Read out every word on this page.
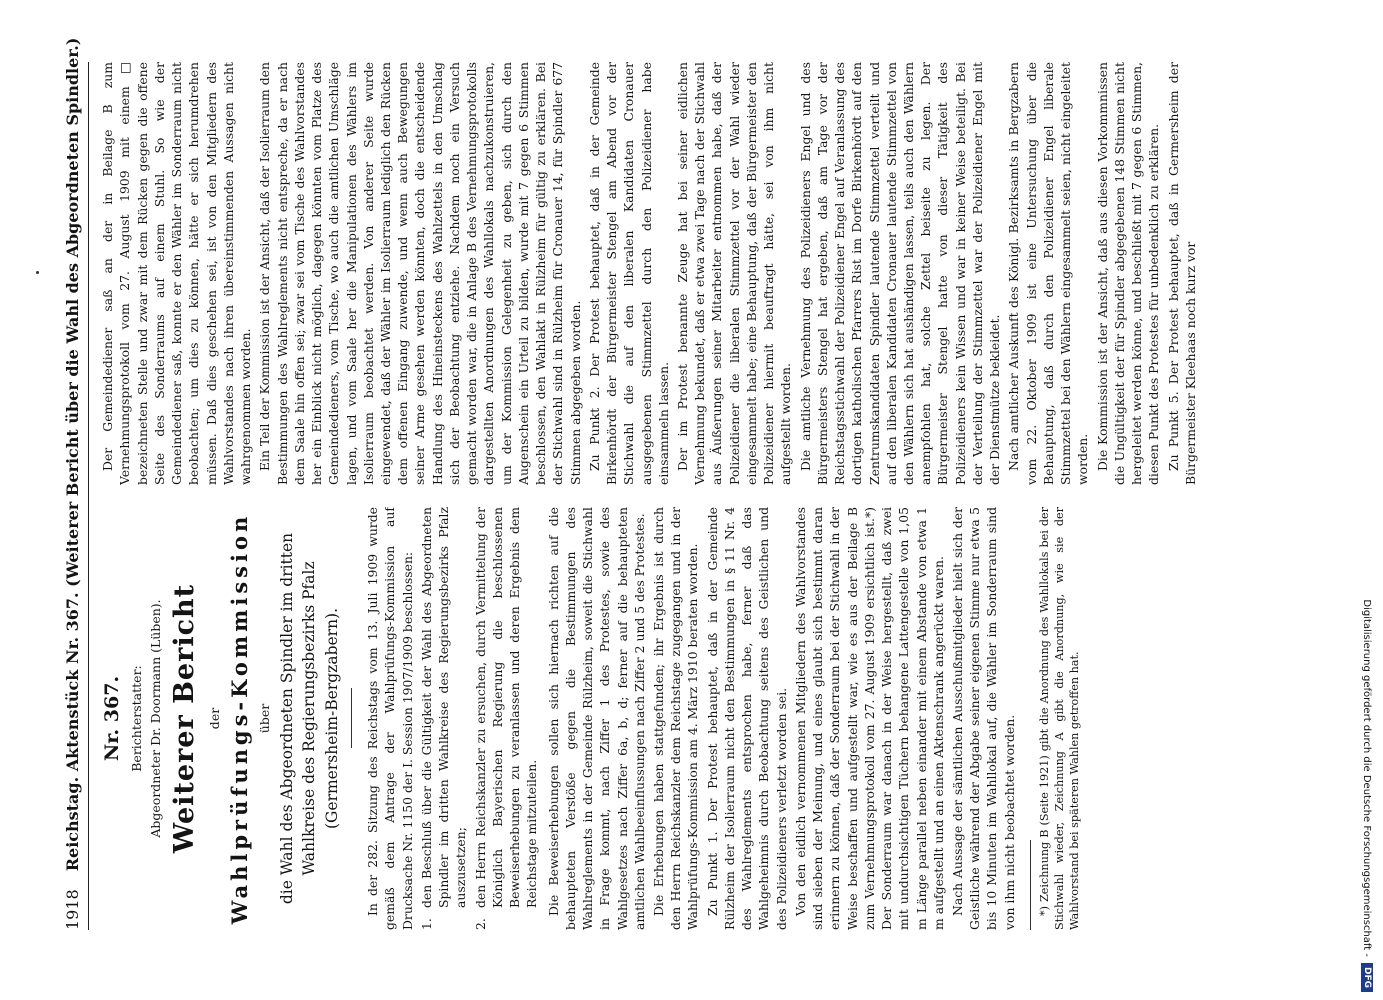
1918
Reichstag. Aktenstück Nr. 367. (Weiterer Bericht über die Wahl des Abgeordneten Spindler.) Nr. 367. Berichterstatter: Abgeordneter Dr. Doormann (Lüben). Weiterer Bericht der Wahlprüfungs-Kommission über die Wahl des Abgeordneten Spindler im dritten Wahlkreise des Regierungsbezirks Pfalz (Germersheim-Bergzabern). In der 282. Sitzung des Reichstags vom 13. Juli 1909 wurde gemäß dem Antrage der Wahlprüfungs-Kommission auf Drucksache Nr. 1150 der I. Session 1907/1909 beschlossen: 1.
den Beschluß über die Gültigkeit der Wahl des Abgeordneten Spindler im dritten Wahlkreise des Regierungsbezirks Pfalz auszusetzen;
2.
den Herrn Reichskanzler zu ersuchen, durch Vermittelung der Königlich Bayerischen Regierung die beschlossenen Beweiserhebungen zu veranlassen und deren Ergebnis dem Reichstage mitzuteilen. Die Beweiserhebungen sollen sich hiernach richten auf die behaupteten Verstöße gegen die Bestimmungen des Wahlreglements in der Gemeinde Rülzheim, soweit die Stichwahl in Frage kommt, nach Ziffer 1 des Protestes, sowie des Wahlgesetzes nach Ziffer 6a, b, d; ferner auf die behaupteten amtlichen Wahlbeeinflussungen nach Ziffer 2 und 5 des Protestes. Die Erhebungen haben stattgefunden; ihr Ergebnis ist durch den Herrn Reichskanzler dem Reichstage zugegangen und in der Wahlprüfungs-Kommission am 4. März 1910 beraten worden. Zu Punkt 1. Der Protest behauptet, daß in der Gemeinde Rülzheim der Isolierraum nicht den Bestimmungen in § 11 Nr. 4 des Wahlreglements entsprochen habe, ferner daß das Wahlgeheimnis durch Beobachtung seitens des Geistlichen und des Polizeidieners verletzt worden sei. Von den eidlich vernommenen Mitgliedern des Wahlvorstandes sind sieben der Meinung, und eines glaubt sich bestimmt daran erinnern zu können, daß der Sonderraum bei der Stichwahl in der Weise beschaffen und aufgestellt war, wie es aus der Beilage B zum Vernehmungsprotokoll vom 27. August 1909 ersichtlich ist.*) Der Sonderraum war danach in der Weise hergestellt, daß zwei mit undurchsichtigen Tüchern behangene Lattengestelle von 1,05 m Länge parallel neben einander mit einem Abstande von etwa 1 m aufgestellt und an einen Aktenschrank angerückt waren. Nach Aussage der sämtlichen Ausschußmitglieder hielt sich der Geistliche während der Abgabe seiner eigenen Stimme nur etwa 5 bis 10 Minuten im Wahllokal auf, die Wähler im Sonderraum sind von ihm nicht beobachtet worden. *) Zeichnung B (Seite 1921) gibt die Anordnung des Wahllokals bei der Stichwahl wieder, Zeichnung A gibt die Anordnung, wie sie der Wahlvorstand bei späteren Wahlen getroffen hat.

Der Gemeindediener saß an der in Beilage B zum Vernehmungsprotokoll vom 27. August 1909 mit einem □ bezeichneten Stelle und zwar mit dem Rücken gegen die offene Seite des Sonderraums auf einem Stuhl. So wie der Gemeindediener saß, konnte er den Wähler im Sonderraum nicht beobachten; um dies zu können, hätte er sich herumdrehen müssen. Daß dies geschehen sei, ist von den Mitgliedern des Wahlvorstandes nach ihren übereinstimmenden Aussagen nicht wahrgenommen worden. Ein Teil der Kommission ist der Ansicht, daß der Isolierraum den Bestimmungen des Wahlreglements nicht entspreche, da er nach dem Saale hin offen sei; zwar sei vom Tische des Wahlvorstandes her ein Einblick nicht möglich, dagegen könnten vom Platze des Gemeindedieners, vom Tische, wo auch die amtlichen Umschläge lagen, und vom Saale her die Manipulationen des Wählers im Isolierraum beobachtet werden. Von anderer Seite wurde eingewendet, daß der Wähler im Isolierraum lediglich den Rücken dem offenen Eingang zuwende, und wenn auch Bewegungen seiner Arme gesehen werden könnten, doch die entscheidende Handlung des Hineinsteckens des Wahlzettels in den Umschlag sich der Beobachtung entziehe. Nachdem noch ein Versuch gemacht worden war, die in Anlage B des Vernehmungsprotokolls dargestellten Anordnungen des Wahllokals nachzukonstruieren, um der Kommission Gelegenheit zu geben, sich durch den Augenschein ein Urteil zu bilden, wurde mit 7 gegen 6 Stimmen beschlossen, den Wahlakt in Rülzheim für gültig zu erklären. Bei der Stichwahl sind in Rülzheim für Cronauer 14, für Spindler 677 Stimmen abgegeben worden. Zu Punkt 2. Der Protest behauptet, daß in der Gemeinde Birkenhördt der Bürgermeister Stengel am Abend vor der Stichwahl die auf den liberalen Kandidaten Cronauer ausgegebenen Stimmzettel durch den Polizeidiener habe einsammeln lassen. Der im Protest benannte Zeuge hat bei seiner eidlichen Vernehmung bekundet, daß er etwa zwei Tage nach der Stichwahl aus Äußerungen seiner Mitarbeiter entnommen habe, daß der Polizeidiener die liberalen Stimmzettel vor der Wahl wieder eingesammelt habe; eine Behauptung, daß der Bürgermeister den Polizeidiener hiermit beauftragt hätte, sei von ihm nicht aufgestellt worden. Die amtliche Vernehmung des Polizeidieners Engel und des Bürgermeisters Stengel hat ergeben, daß am Tage vor der Reichstagsstichwahl der Polizeidiener Engel auf Veranlassung des dortigen katholischen Pfarrers Rist im Dorfe Birkenhördt auf den Zentrumskandidaten Spindler lautende Stimmzettel verteilt und auf den liberalen Kandidaten Cronauer lautende Stimmzettel von den Wählern sich hat aushändigen lassen, teils auch den Wählern anempfohlen hat, solche Zettel beiseite zu legen. Der Bürgermeister Stengel hatte von dieser Tätigkeit des Polizeidieners kein Wissen und war in keiner Weise beteiligt. Bei der Verteilung der Stimmzettel war der Polizeidiener Engel mit der Dienstmütze bekleidet. Nach amtlicher Auskunft des Königl. Bezirksamts in Bergzabern vom 22. Oktober 1909 ist eine Untersuchung über die Behauptung, daß durch den Polizeidiener Engel liberale Stimmzettel bei den Wählern eingesammelt seien, nicht eingeleitet worden. Die Kommission ist der Ansicht, daß aus diesen Vorkommnissen die Ungültigkeit der für Spindler abgegebenen 148 Stimmen nicht hergeleitet werden könne, und beschließt mit 7 gegen 6 Stimmen, diesen Punkt des Protestes für unbedenklich zu erklären. Zu Punkt 5. Der Protest behauptet, daß in Germersheim der Bürgermeister Kleehaas noch kurz vor

Digitalisierung gefördert durch die Deutsche Forschungsgemeinschaft -
DFG
